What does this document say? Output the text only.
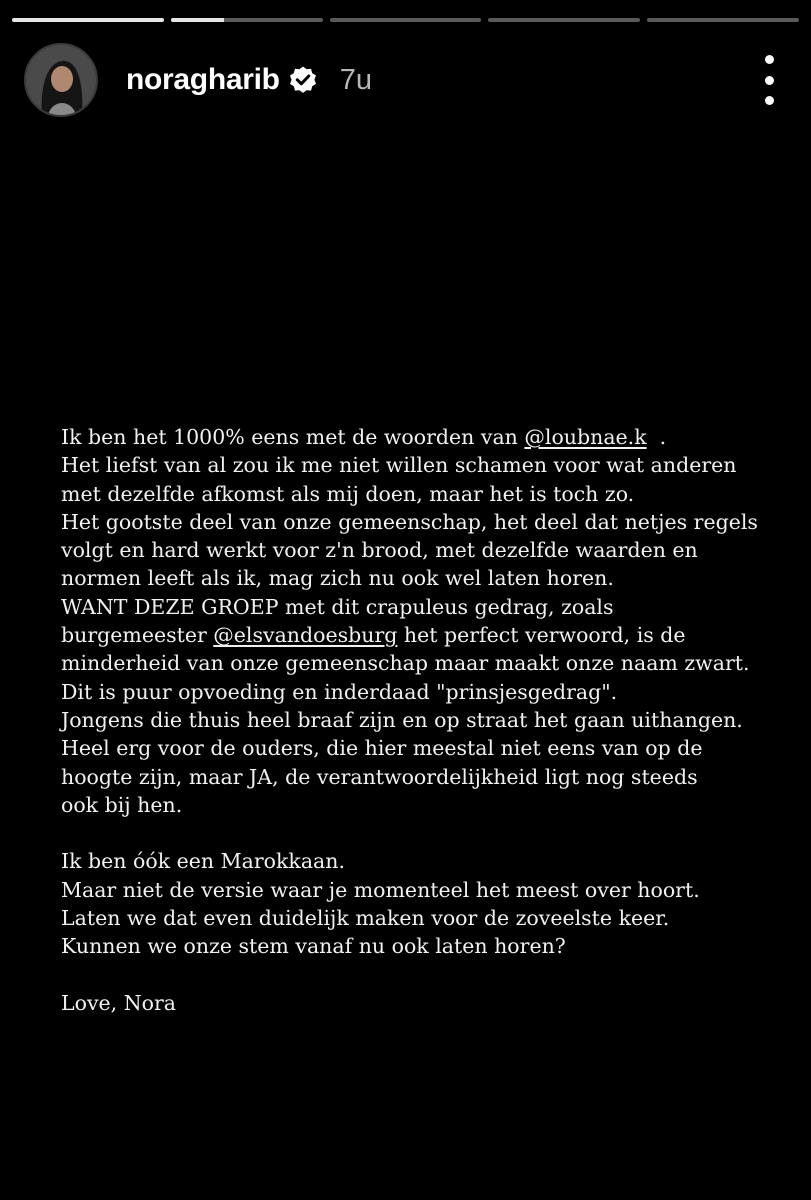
noragharib 7u

Ik ben het 1000% eens met de woorden van @loubnae.k  .

Het liefst van al zou ik me niet willen schamen voor wat anderen

met dezelfde afkomst als mij doen, maar het is toch zo.

Het gootste deel van onze gemeenschap, het deel dat netjes regels

volgt en hard werkt voor z'n brood, met dezelfde waarden en

normen leeft als ik, mag zich nu ook wel laten horen.

WANT DEZE GROEP met dit crapuleus gedrag, zoals

burgemeester @elsvandoesburg het perfect verwoord, is de

minderheid van onze gemeenschap maar maakt onze naam zwart.

Dit is puur opvoeding en inderdaad "prinsjesgedrag".

Jongens die thuis heel braaf zijn en op straat het gaan uithangen.

Heel erg voor de ouders, die hier meestal niet eens van op de

hoogte zijn, maar JA, de verantwoordelijkheid ligt nog steeds

ook bij hen.

Ik ben óók een Marokkaan.

Maar niet de versie waar je momenteel het meest over hoort.

Laten we dat even duidelijk maken voor de zoveelste keer.

Kunnen we onze stem vanaf nu ook laten horen?

Love, Nora
